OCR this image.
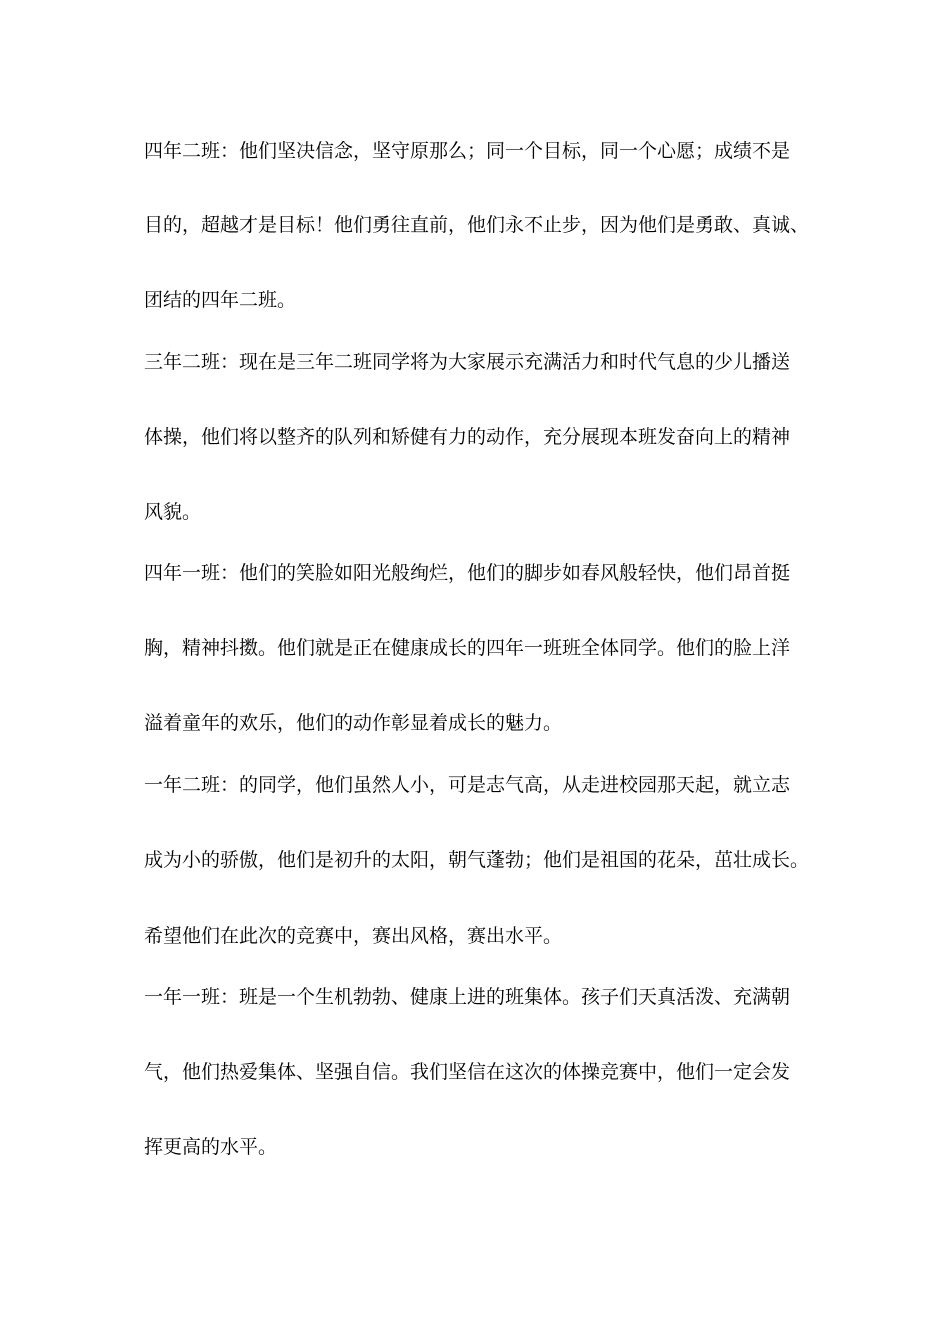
四年二班：他们坚决信念，坚守原那么；同一个目标，同一个心愿；成绩不是
目的，超越才是目标！他们勇往直前，他们永不止步，因为他们是勇敢、真诚、
团结的四年二班。
三年二班：现在是三年二班同学将为大家展示充满活力和时代气息的少儿播送
体操，他们将以整齐的队列和矫健有力的动作，充分展现本班发奋向上的精神
风貌。
四年一班：他们的笑脸如阳光般绚烂，他们的脚步如春风般轻快，他们昂首挺
胸，精神抖擞。他们就是正在健康成长的四年一班班全体同学。他们的脸上洋
溢着童年的欢乐，他们的动作彰显着成长的魅力。
一年二班：的同学，他们虽然人小，可是志气高，从走进校园那天起，就立志
成为小的骄傲，他们是初升的太阳，朝气蓬勃；他们是祖国的花朵，茁壮成长。
希望他们在此次的竞赛中，赛出风格，赛出水平。
一年一班：班是一个生机勃勃、健康上进的班集体。孩子们天真活泼、充满朝
气，他们热爱集体、坚强自信。我们坚信在这次的体操竞赛中，他们一定会发
挥更高的水平。
